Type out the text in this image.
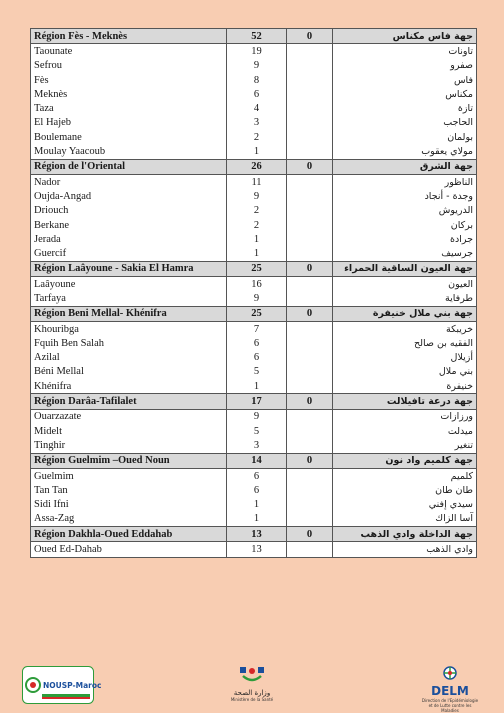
Région Fès - Meknès	52	0	جهة فاس مكناس
Taounate	19		تاونات
Sefrou	9		صفرو
Fès	8		فاس
Meknès	6		مكناس
Taza	4		تازة
El Hajeb	3		الحاجب
Boulemane	2		بولمان
Moulay Yaacoub	1		مولاي يعقوب
Région de l'Oriental	26	0	جهة الشرق
Nador	11		الناظور
Oujda-Angad	9		وجدة - أنجاد
Driouch	2		الدريوش
Berkane	2		بركان
Jerada	1		جرادة
Guercif	1		جرسيف
Région Laâyoune - Sakia El Hamra	25	0	جهة العيون الساقية الحمراء
Laâyoune	16		العيون
Tarfaya	9		طرفاية
Région Beni Mellal- Khénifra	25	0	جهة بني ملال خنيفرة
Khouribga	7		خريبكة
Fquih Ben Salah	6		الفقيه بن صالح
Azilal	6		أزيلال
Béni Mellal	5		بني ملال
Khénifra	1		خنيفرة
Région Darâa-Tafilalet	17	0	جهة درعة تافيلالت
Ouarzazate	9		ورزازات
Midelt	5		ميدلت
Tinghir	3		تنغير
Région Guelmim –Oued Noun	14	0	جهة كلميم واد نون
Guelmim	6		كلميم
Tan Tan	6		طان طان
Sidi Ifni	1		سيدي إفني
Assa-Zag	1		آسا الزاك
Région Dakhla-Oued Eddahab	13	0	جهة الداخلة وادي الذهب
Oued Ed-Dahab	13		وادي الذهب
NOUSP-Maroc
وزارة الصحة
Ministère de la Santé
DELM
Direction de l'Epidémiologie et de Lutte contre les Maladies
